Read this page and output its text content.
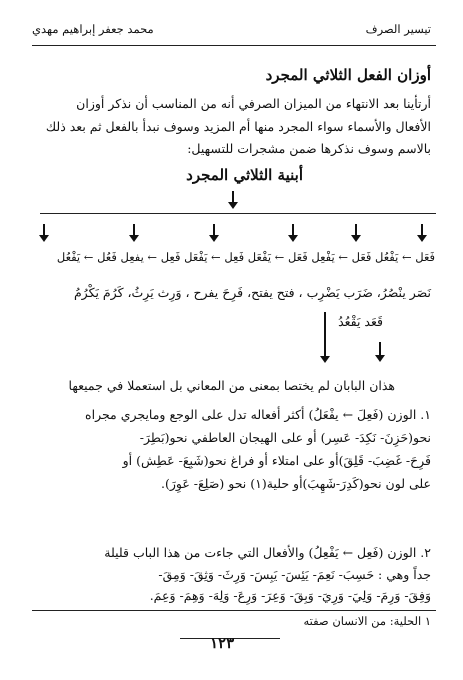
تيسير الصرف
محمد جعفر إبراهيم مهدي
أوزان الفعل الثلاثي المجرد
أرتأينا بعد الانتهاء من الميزان الصرفي أنه من المناسب أن نذكر أوزان
الأفعال والأسماء سواء المجرد منها أم المزيد وسوف نبدأ بالفعل ثم بعد ذلك
بالاسم وسوف نذكرها ضمن مشجرات للتسهيل:
أبنية الثلاثي المجرد
فَعَل ← يَفْعُل فَعَل ← يَفْعِل فَعَل ← يَفْعَل فَعِل ← يَفْعَل فَعِل ← يفعِل فَعُل ← يَفْعُل
نَصَر ينْصُرُ، ضَرَب يَضْرِب ، فتح يفتح، فَرِحَ يفرح ، وَرِث يَرِثُ، كَرُمَ يَكْرُمُ
قَعَد يَقْعُدُ
هذان البابان لم يختصا بمعنى من المعاني بل استعملا في جميعها
١. الوزن (فَعِلَ ← يفْعَلُ) أكثر أفعاله تدل على الوجع ومايجري مجراه
نحو(حَزِنَ- نَكِدَ- عَسِر) أو على الهيجان العاطفي نحو(بَطِرَ-
فَرِحَ- غَضِبَ- قَلِقَ)أو على امتلاء أو فراغ نحو(شَبِعَ- عَطِش) أو
على لون نحو(كَدِرَ-شَهِبَ)أو حلية(١) نحو (صَلِعَ- عَوِرَ).
٢. الوزن (فَعِل ← يَفْعِلُ) والأفعال التي جاءت من هذا الباب قليلة
جداً وهي : حَسِبَ- نَعِمَ- يَئِسَ- يَبِسَ- وَرِثَ- وَثِقَ- وَمِقَ-
وَفِقَ- وَرِمَ- وَلِيَ- وَرِيَ- وَبِقَ- وَعِرَ- وَرِعَ- وَلِهَ- وَهِمَ- وَعِمَ.
١ الحلية: من الانسان صفته
١٢٣
